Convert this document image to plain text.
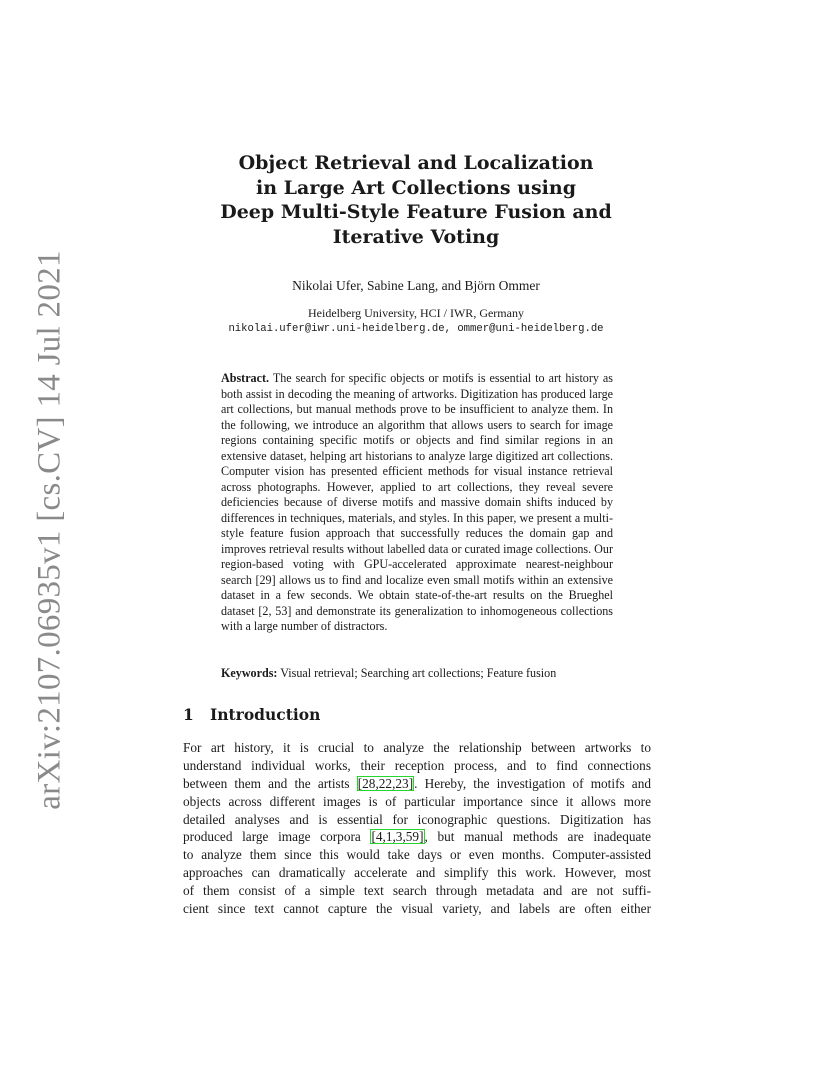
arXiv:2107.06935v1 [cs.CV] 14 Jul 2021
Object Retrieval and Localization
in Large Art Collections using
Deep Multi-Style Feature Fusion and
Iterative Voting
Nikolai Ufer, Sabine Lang, and Björn Ommer
Heidelberg University, HCI / IWR, Germany
nikolai.ufer@iwr.uni-heidelberg.de, ommer@uni-heidelberg.de
Abstract. The search for specific objects or motifs is essential to art history as both assist in decoding the meaning of artworks. Digitization has produced large art collections, but manual methods prove to be insufficient to analyze them. In the following, we introduce an algorithm that allows users to search for image regions containing specific motifs or objects and find similar regions in an extensive dataset, helping art historians to analyze large digitized art collections. Computer vision has presented efficient methods for visual instance retrieval across photographs. However, applied to art collections, they reveal severe deficiencies because of diverse motifs and massive domain shifts induced by differences in techniques, materials, and styles. In this paper, we present a multi-style feature fusion approach that successfully reduces the domain gap and improves retrieval results without labelled data or curated image collections. Our region-based voting with GPU-accelerated approximate nearest-neighbour search [29] allows us to find and localize even small motifs within an extensive dataset in a few seconds. We obtain state-of-the-art results on the Brueghel dataset [2, 53] and demonstrate its generalization to inhomogeneous collections with a large number of distractors.
Keywords: Visual retrieval; Searching art collections; Feature fusion
1 Introduction
For art history, it is crucial to analyze the relationship between artworks to
understand individual works, their reception process, and to find connections
between them and the artists [28,22,23]. Hereby, the investigation of motifs and
objects across different images is of particular importance since it allows more
detailed analyses and is essential for iconographic questions. Digitization has
produced large image corpora [4,1,3,59], but manual methods are inadequate
to analyze them since this would take days or even months. Computer-assisted
approaches can dramatically accelerate and simplify this work. However, most
of them consist of a simple text search through metadata and are not suffi-
cient since text cannot capture the visual variety, and labels are often either
